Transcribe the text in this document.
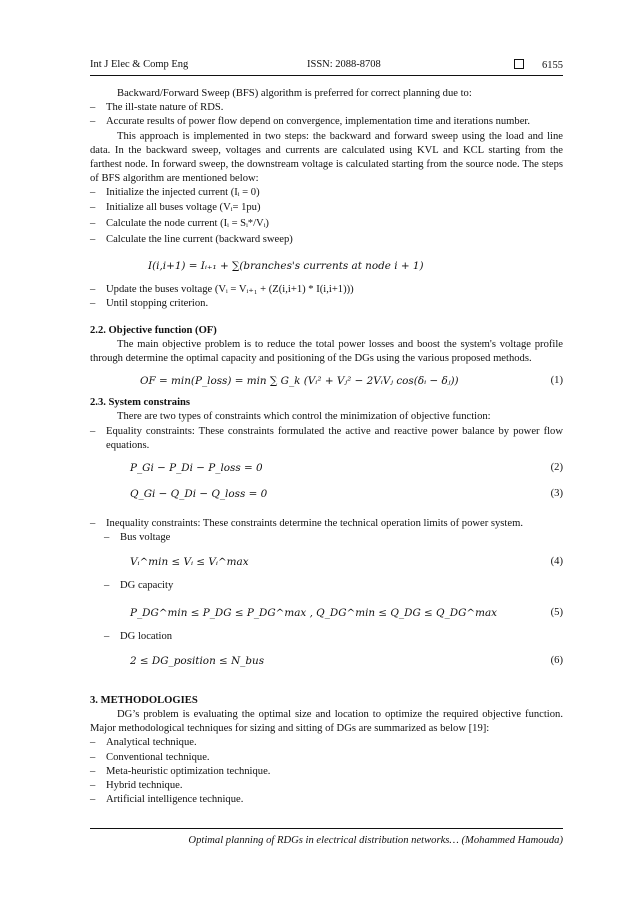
Int J Elec & Comp Eng	ISSN: 2088-8708	6155

Backward/Forward Sweep (BFS) algorithm is preferred for correct planning due to:

– The ill-state nature of RDS.

– Accurate results of power flow depend on convergence, implementation time and iterations number.

This approach is implemented in two steps: the backward and forward sweep using the load and line data. In the backward sweep, voltages and currents are calculated using KVL and KCL starting from the farthest node. In forward sweep, the downstream voltage is calculated starting from the source node. The steps of BFS algorithm are mentioned below:

– Initialize the injected current (Iᵢ = 0)

– Initialize all buses voltage (Vᵢ= 1pu)

– Calculate the node current (Iᵢ = Sᵢ*/Vᵢ)

– Calculate the line current (backward sweep)

I(i,i+1) = Iᵢ₊₁ + ∑(branches's currents at node i + 1)

– Update the buses voltage (Vᵢ = Vᵢ₊₁ + (Z(i,i+1) * I(i,i+1)))

– Until stopping criterion.

2.2. Objective function (OF)

The main objective problem is to reduce the total power losses and boost the system's voltage profile through determine the optimal capacity and positioning of the DGs using the various proposed methods.

OF = min(P_loss) = min ∑ G_k (Vᵢ² + Vⱼ² − 2VᵢVⱼ cos(δᵢ − δⱼ))	(1)

2.3. System constrains

There are two types of constraints which control the minimization of objective function:

– Equality constraints: These constraints formulated the active and reactive power balance by power flow equations.

P_Gi − P_Di − P_loss = 0	(2)
Q_Gi − Q_Di − Q_loss = 0	(3)

– Inequality constraints: These constraints determine the technical operation limits of power system.

– Bus voltage

Vᵢ^min ≤ Vᵢ ≤ Vᵢ^max	(4)

– DG capacity

P_DG^min ≤ P_DG ≤ P_DG^max , Q_DG^min ≤ Q_DG ≤ Q_DG^max	(5)

– DG location

2 ≤ DG_position ≤ N_bus	(6)

3. METHODOLOGIES

DG’s problem is evaluating the optimal size and location to optimize the required objective function. Major methodological techniques for sizing and sitting of DGs are summarized as below [19]:

– Analytical technique.

– Conventional technique.

– Meta-heuristic optimization technique.

– Hybrid technique.

– Artificial intelligence technique.

Optimal planning of RDGs in electrical distribution networks… (Mohammed Hamouda)
